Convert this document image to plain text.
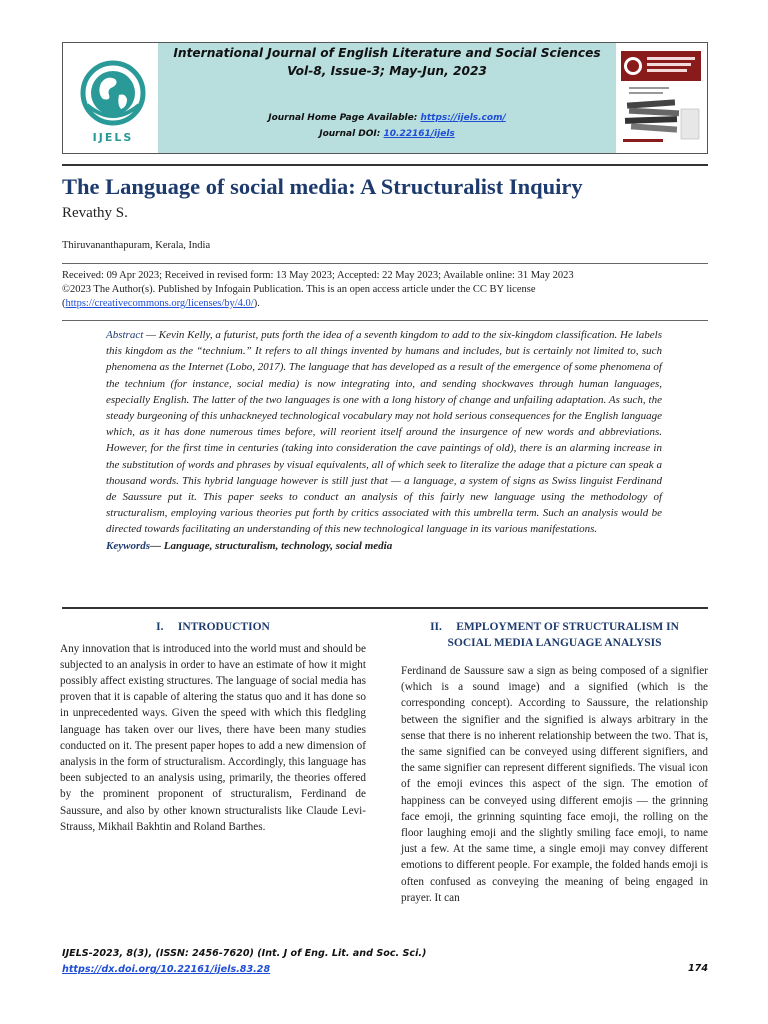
IJELS

International Journal of English Literature and Social Sciences

Vol-8, Issue-3; May-Jun, 2023

Journal Home Page Available: https://ijels.com/

Journal DOI: 10.22161/ijels

The Language of social media: A Structuralist Inquiry
Revathy S.
Thiruvananthapuram, Kerala, India
Received: 09 Apr 2023; Received in revised form: 13 May 2023; Accepted: 22 May 2023; Available online: 31 May 2023
©2023 The Author(s). Published by Infogain Publication. This is an open access article under the CC BY license
(https://creativecommons.org/licenses/by/4.0/).
Abstract — Kevin Kelly, a futurist, puts forth the idea of a seventh kingdom to add to the six-kingdom classification. He labels this kingdom as the “technium.” It refers to all things invented by humans and includes, but is certainly not limited to, such phenomena as the Internet (Lobo, 2017). The language that has developed as a result of the emergence of some phenomena of the technium (for instance, social media) is now integrating into, and sending shockwaves through human languages, especially English. The latter of the two languages is one with a long history of change and unfailing adaptation. As such, the steady burgeoning of this unhackneyed technological vocabulary may not hold serious consequences for the English language which, as it has done numerous times before, will reorient itself around the insurgence of new words and abbreviations. However, for the first time in centuries (taking into consideration the cave paintings of old), there is an alarming increase in the substitution of words and phrases by visual equivalents, all of which seek to literalize the adage that a picture can speak a thousand words. This hybrid language however is still just that — a language, a system of signs as Swiss linguist Ferdinand de Saussure put it. This paper seeks to conduct an analysis of this fairly new language using the methodology of structuralism, employing various theories put forth by critics associated with this umbrella term. Such an analysis would be directed towards facilitating an understanding of this new technological language in its various manifestations.
Keywords— Language, structuralism, technology, social media

I.     INTRODUCTION

Any innovation that is introduced into the world must and should be subjected to an analysis in order to have an estimate of how it might possibly affect existing structures. The language of social media has proven that it is capable of altering the status quo and it has done so in unprecedented ways. Given the speed with which this fledgling language has taken over our lives, there have been many studies conducted on it. The present paper hopes to add a new dimension of analysis in the form of structuralism. Accordingly, this language has been subjected to an analysis using, primarily, the theories offered by the prominent proponent of structuralism, Ferdinand de Saussure, and also by other known structuralists like Claude Levi-Strauss, Mikhail Bakhtin and Roland Barthes.

II.     EMPLOYMENT OF STRUCTURALISM IN

SOCIAL MEDIA LANGUAGE ANALYSIS

Ferdinand de Saussure saw a sign as being composed of a signifier (which is a sound image) and a signified (which is the corresponding concept). According to Saussure, the relationship between the signifier and the signified is always arbitrary in the sense that there is no inherent relationship between the two. That is, the same signified can be conveyed using different signifiers, and the same signifier can represent different signifieds. The visual icon of the emoji evinces this aspect of the sign. The emotion of happiness can be conveyed using different emojis — the grinning face emoji, the grinning squinting face emoji, the rolling on the floor laughing emoji and the slightly smiling face emoji, to name just a few. At the same time, a single emoji may convey different emotions to different people. For example, the folded hands emoji is often confused as conveying the meaning of being engaged in prayer. It can
IJELS-2023, 8(3), (ISSN: 2456-7620) (Int. J of Eng. Lit. and Soc. Sci.)
https://dx.doi.org/10.22161/ijels.83.28	174
